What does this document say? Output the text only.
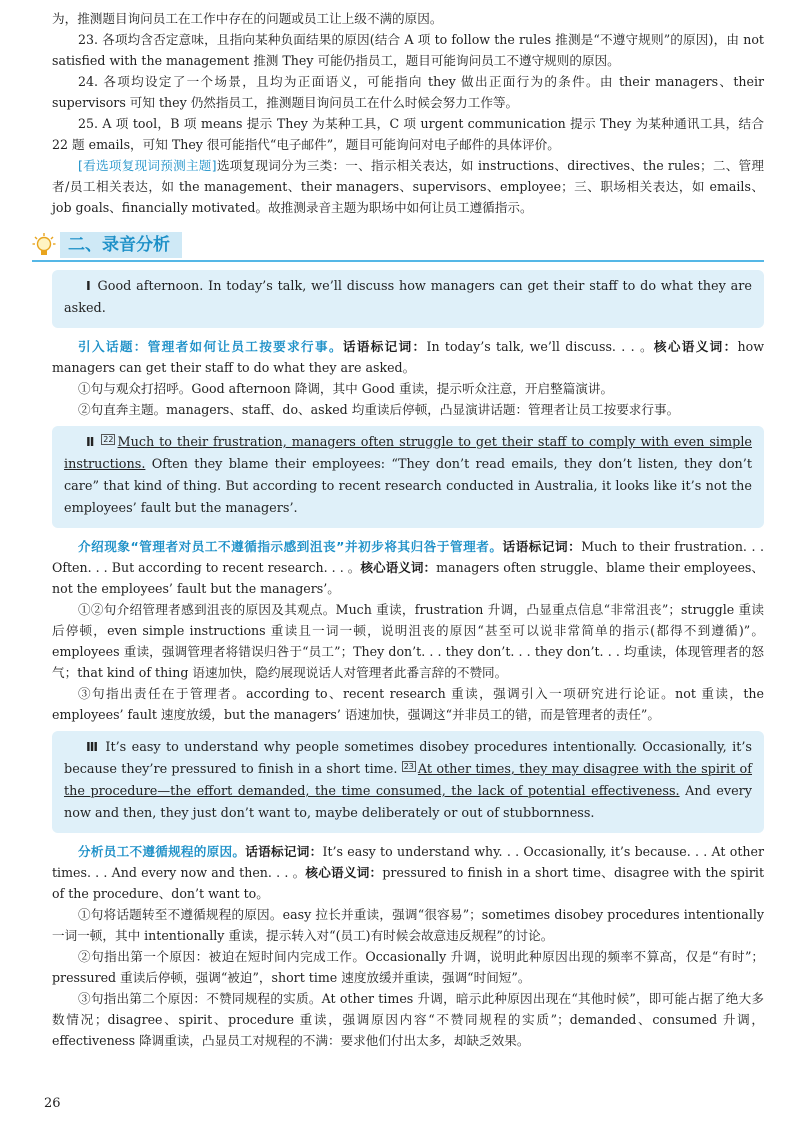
为，推测题目询问员工在工作中存在的问题或员工让上级不满的原因。

23. 各项均含否定意味，且指向某种负面结果的原因(结合 A 项 to follow the rules 推测是“不遵守规则”的原因)，由 not satisfied with the management 推测 They 可能仍指员工，题目可能询问员工不遵守规则的原因。

24. 各项均设定了一个场景，且均为正面语义，可能指向 they 做出正面行为的条件。由 their managers、their supervisors 可知 they 仍然指员工，推测题目询问员工在什么时候会努力工作等。

25. A 项 tool，B 项 means 提示 They 为某种工具，C 项 urgent communication 提示 They 为某种通讯工具，结合 22 题 emails，可知 They 很可能指代“电子邮件”，题目可能询问对电子邮件的具体评价。

[看选项复现词预测主题]选项复现词分为三类：一、指示相关表达，如 instructions、directives、the rules；二、管理者/员工相关表达，如 the management、their managers、supervisors、employee；三、职场相关表达，如 emails、job goals、financially motivated。故推测录音主题为职场中如何让员工遵循指示。

二、录音分析
Ⅰ Good afternoon. In today’s talk, we’ll discuss how managers can get their staff to do what they are asked.

引入话题：管理者如何让员工按要求行事。话语标记词：In today’s talk, we’ll discuss. . . 。核心语义词：how managers can get their staff to do what they are asked。

①句与观众打招呼。Good afternoon 降调，其中 Good 重读，提示听众注意，开启整篇演讲。

②句直奔主题。managers、staff、do、asked 均重读后停顿，凸显演讲话题：管理者让员工按要求行事。

Ⅱ 22 Much to their frustration, managers often struggle to get their staff to comply with even simple instructions. Often they blame their employees: “They don’t read emails, they don’t listen, they don’t care” that kind of thing. But according to recent research conducted in Australia, it looks like it’s not the employees’ fault but the managers’.

介绍现象“管理者对员工不遵循指示感到沮丧”并初步将其归咎于管理者。话语标记词：Much to their frustration. . . Often. . . But according to recent research. . . 。核心语义词：managers often struggle、blame their employees、not the employees’ fault but the managers’。

①②句介绍管理者感到沮丧的原因及其观点。Much 重读，frustration 升调，凸显重点信息“非常沮丧”；struggle 重读后停顿，even simple instructions 重读且一词一顿，说明沮丧的原因“甚至可以说非常简单的指示(都得不到遵循)”。employees 重读，强调管理者将错误归咎于“员工”；They don’t. . . they don’t. . . they don’t. . . 均重读，体现管理者的怒气；that kind of thing 语速加快，隐约展现说话人对管理者此番言辞的不赞同。

③句指出责任在于管理者。according to、recent research 重读，强调引入一项研究进行论证。not 重读，the employees’ fault 速度放缓，but the managers’ 语速加快，强调这“并非员工的错，而是管理者的责任”。

Ⅲ It’s easy to understand why people sometimes disobey procedures intentionally. Occasionally, it’s because they’re pressured to finish in a short time. 23 At other times, they may disagree with the spirit of the procedure—the effort demanded, the time consumed, the lack of potential effectiveness. And every now and then, they just don’t want to, maybe deliberately or out of stubbornness.

分析员工不遵循规程的原因。话语标记词：It’s easy to understand why. . . Occasionally, it’s because. . . At other times. . . And every now and then. . . 。核心语义词：pressured to finish in a short time、disagree with the spirit of the procedure、don’t want to。

①句将话题转至不遵循规程的原因。easy 拉长并重读，强调“很容易”；sometimes disobey procedures intentionally 一词一顿，其中 intentionally 重读，提示转入对“(员工)有时候会故意违反规程”的讨论。

②句指出第一个原因：被迫在短时间内完成工作。Occasionally 升调，说明此种原因出现的频率不算高，仅是“有时”；pressured 重读后停顿，强调“被迫”，short time 速度放缓并重读，强调“时间短”。

③句指出第二个原因：不赞同规程的实质。At other times 升调，暗示此种原因出现在“其他时候”，即可能占据了绝大多数情况；disagree、spirit、procedure 重读，强调原因内容“不赞同规程的实质”；demanded、consumed 升调，effectiveness 降调重读，凸显员工对规程的不满：要求他们付出太多，却缺乏效果。

26
